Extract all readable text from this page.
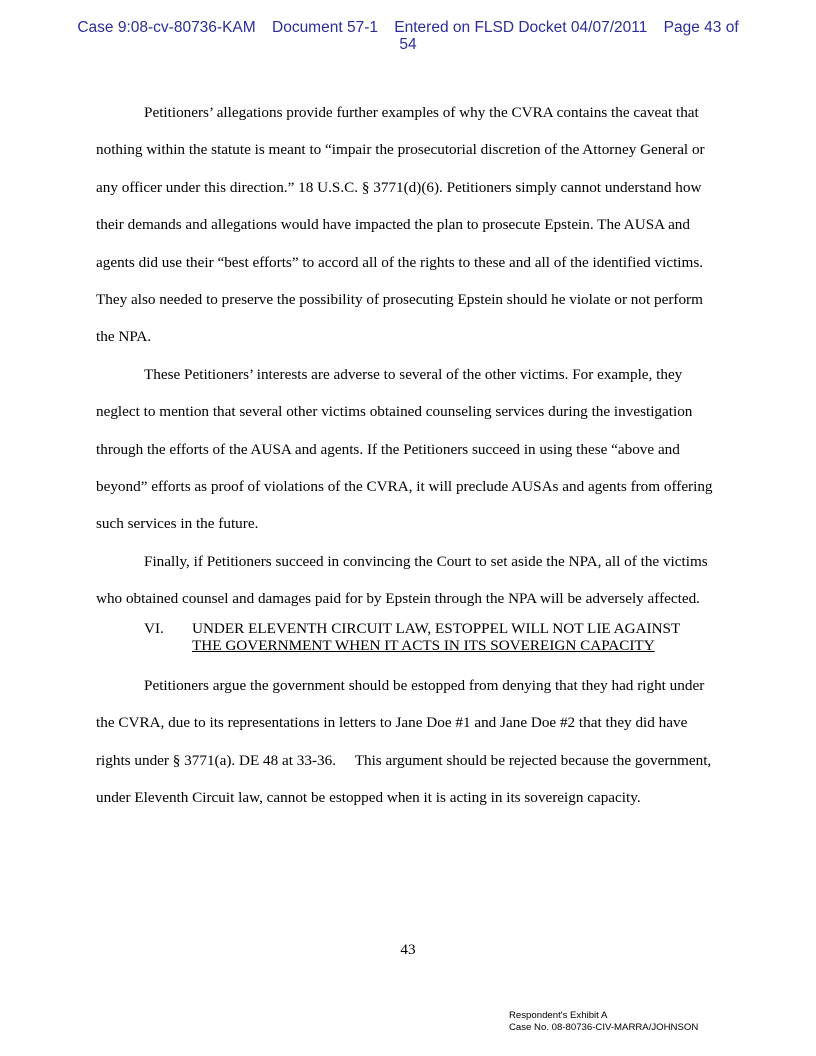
Case 9:08-cv-80736-KAM Document 57-1 Entered on FLSD Docket 04/07/2011 Page 43 of
54

Petitioners’ allegations provide further examples of why the CVRA contains the caveat that nothing within the statute is meant to “impair the prosecutorial discretion of the Attorney General or any officer under this direction.” 18 U.S.C. § 3771(d)(6). Petitioners simply cannot understand how their demands and allegations would have impacted the plan to prosecute Epstein. The AUSA and agents did use their “best efforts” to accord all of the rights to these and all of the identified victims. They also needed to preserve the possibility of prosecuting Epstein should he violate or not perform the NPA.

These Petitioners’ interests are adverse to several of the other victims. For example, they neglect to mention that several other victims obtained counseling services during the investigation through the efforts of the AUSA and agents. If the Petitioners succeed in using these “above and beyond” efforts as proof of violations of the CVRA, it will preclude AUSAs and agents from offering such services in the future.

Finally, if Petitioners succeed in convincing the Court to set aside the NPA, all of the victims who obtained counsel and damages paid for by Epstein through the NPA will be adversely affected.

VI. UNDER ELEVENTH CIRCUIT LAW, ESTOPPEL WILL NOT LIE AGAINST
THE GOVERNMENT WHEN IT ACTS IN ITS SOVEREIGN CAPACITY

Petitioners argue the government should be estopped from denying that they had right under the CVRA, due to its representations in letters to Jane Doe #1 and Jane Doe #2 that they did have rights under § 3771(a). DE 48 at 33-36.     This argument should be rejected because the government, under Eleventh Circuit law, cannot be estopped when it is acting in its sovereign capacity.

43
Respondent's Exhibit A
Case No. 08-80736-CIV-MARRA/JOHNSON
